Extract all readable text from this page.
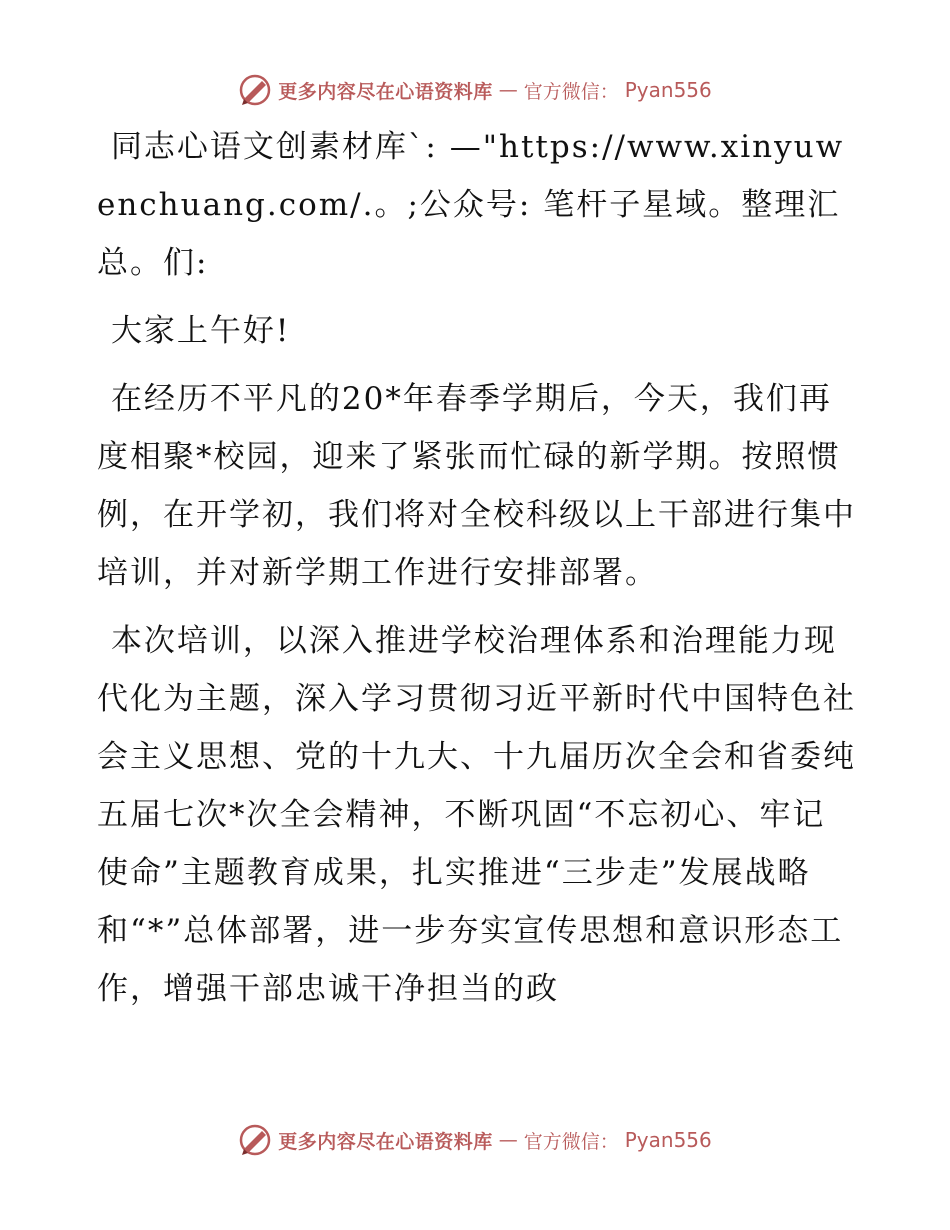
更多内容尽在心语资料库 — 官方微信： Pyan556

同志心语文创素材库`: —"https://www.xinyuwenchuang.com/.。;公众号: 笔杆子星域。整理汇总。们:

大家上午好!

在经历不平凡的20*年春季学期后，今天，我们再度相聚*校园，迎来了紧张而忙碌的新学期。按照惯例，在开学初，我们将对全校科级以上干部进行集中培训，并对新学期工作进行安排部署。

本次培训，以深入推进学校治理体系和治理能力现代化为主题，深入学习贯彻习近平新时代中国特色社会主义思想、党的十九大、十九届历次全会和省委纯五届七次*次全会精神，不断巩固“不忘初心、牢记使命”主题教育成果，扎实推进“三步走”发展战略和“*”总体部署，进一步夯实宣传思想和意识形态工作，增强干部忠诚干净担当的政

更多内容尽在心语资料库 — 官方微信： Pyan556
